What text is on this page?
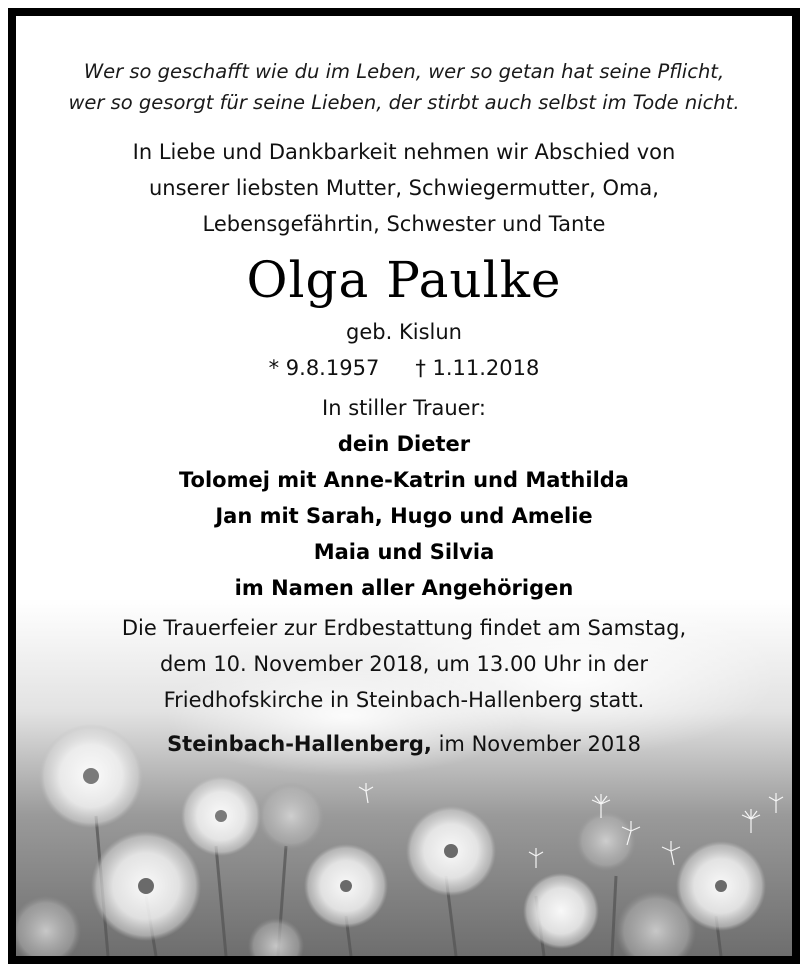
Wer so geschafft wie du im Leben, wer so getan hat seine Pflicht,
wer so gesorgt für seine Lieben, der stirbt auch selbst im Tode nicht.
In Liebe und Dankbarkeit nehmen wir Abschied von
unserer liebsten Mutter, Schwiegermutter, Oma,
Lebensgefährtin, Schwester und Tante
Olga Paulke
geb. Kislun
* 9.8.1957 † 1.11.2018
In stiller Trauer:
dein Dieter
Tolomej mit Anne-Katrin und Mathilda
Jan mit Sarah, Hugo und Amelie
Maia und Silvia
im Namen aller Angehörigen
Die Trauerfeier zur Erdbestattung findet am Samstag,
dem 10. November 2018, um 13.00 Uhr in der
Friedhofskirche in Steinbach-Hallenberg statt.
Steinbach-Hallenberg, im November 2018
